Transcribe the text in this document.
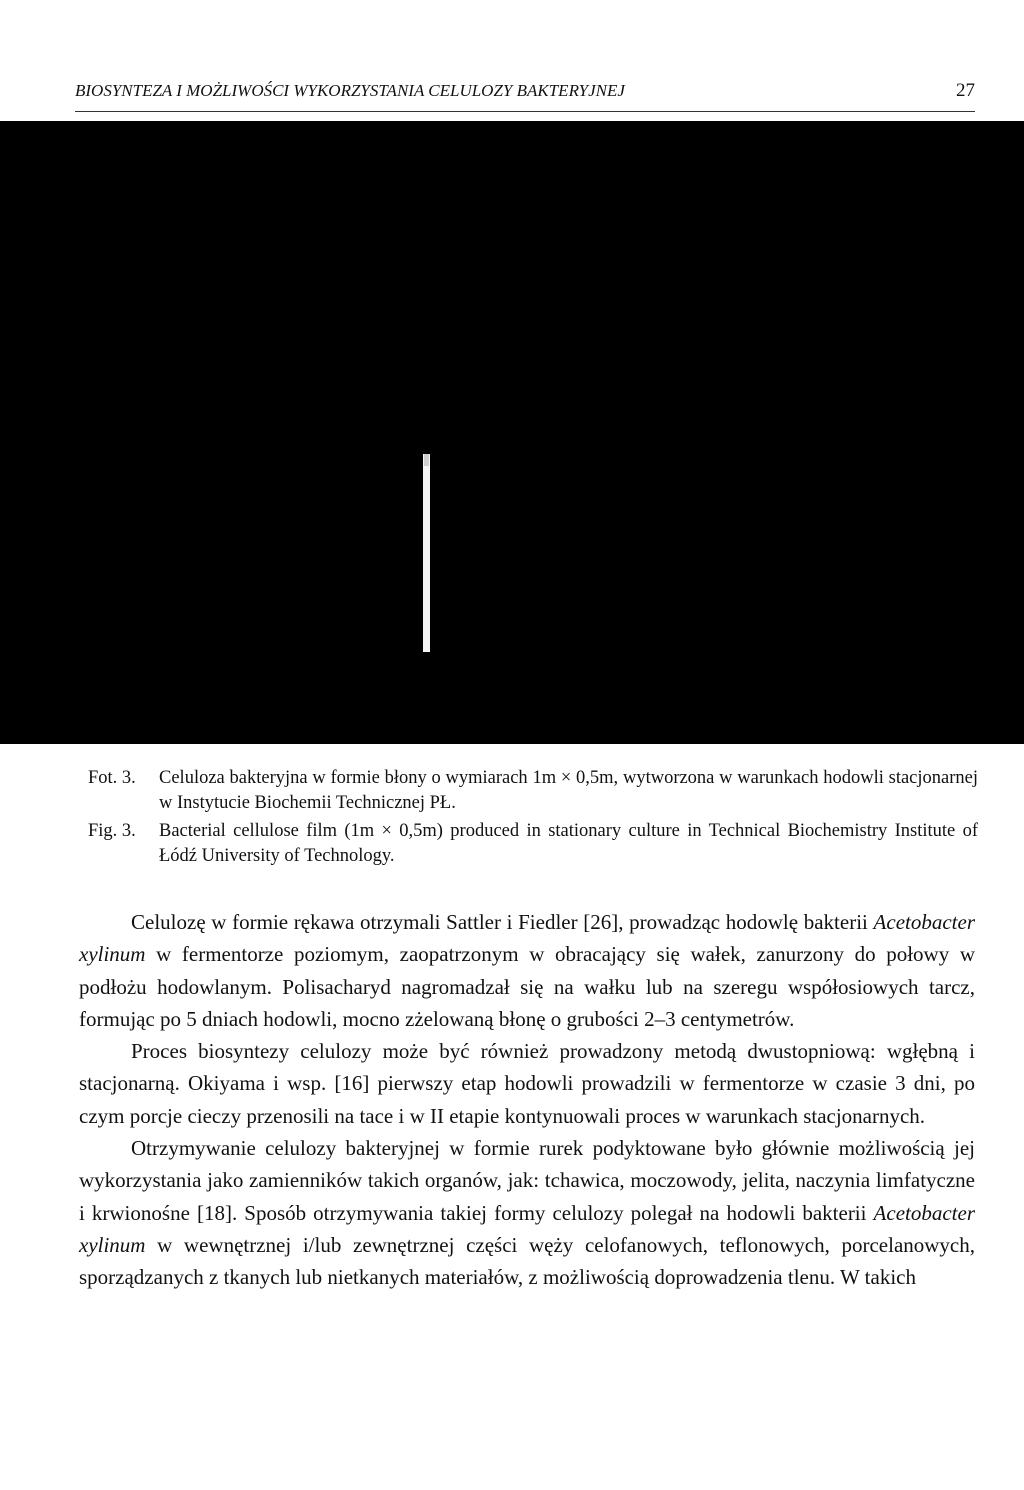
BIOSYNTEZA I MOŻLIWOŚCI WYKORZYSTANIA CELULOZY BAKTERYJNEJ	27
Fot. 3. Celuloza bakteryjna w formie błony o wymiarach 1m × 0,5m, wytworzona w warunkach hodowli stacjonarnej w Instytucie Biochemii Technicznej PŁ.
Fig. 3. Bacterial cellulose film (1m × 0,5m) produced in stationary culture in Technical Biochemistry Institute of Łódź University of Technology.

Celulozę w formie rękawa otrzymali Sattler i Fiedler [26], prowadząc hodowlę bakterii Acetobacter xylinum w fermentorze poziomym, zaopatrzonym w obracający się wałek, zanurzony do połowy w podłożu hodowlanym. Polisacharyd nagromadzał się na wałku lub na szeregu współosiowych tarcz, formując po 5 dniach hodowli, mocno zżelowaną błonę o grubości 2–3 centymetrów.

Proces biosyntezy celulozy może być również prowadzony metodą dwustopniową: wgłębną i stacjonarną. Okiyama i wsp. [16] pierwszy etap hodowli prowadzili w fermentorze w czasie 3 dni, po czym porcje cieczy przenosili na tace i w II etapie kontynuowali proces w warunkach stacjonarnych.

Otrzymywanie celulozy bakteryjnej w formie rurek podyktowane było głównie możliwością jej wykorzystania jako zamienników takich organów, jak: tchawica, moczowody, jelita, naczynia limfatyczne i krwionośne [18]. Sposób otrzymywania takiej formy celulozy polegał na hodowli bakterii Acetobacter xylinum w wewnętrznej i/lub zewnętrznej części węży celofanowych, teflonowych, porcelanowych, sporządzanych z tkanych lub nietkanych materiałów, z możliwością doprowadzenia tlenu. W takich
